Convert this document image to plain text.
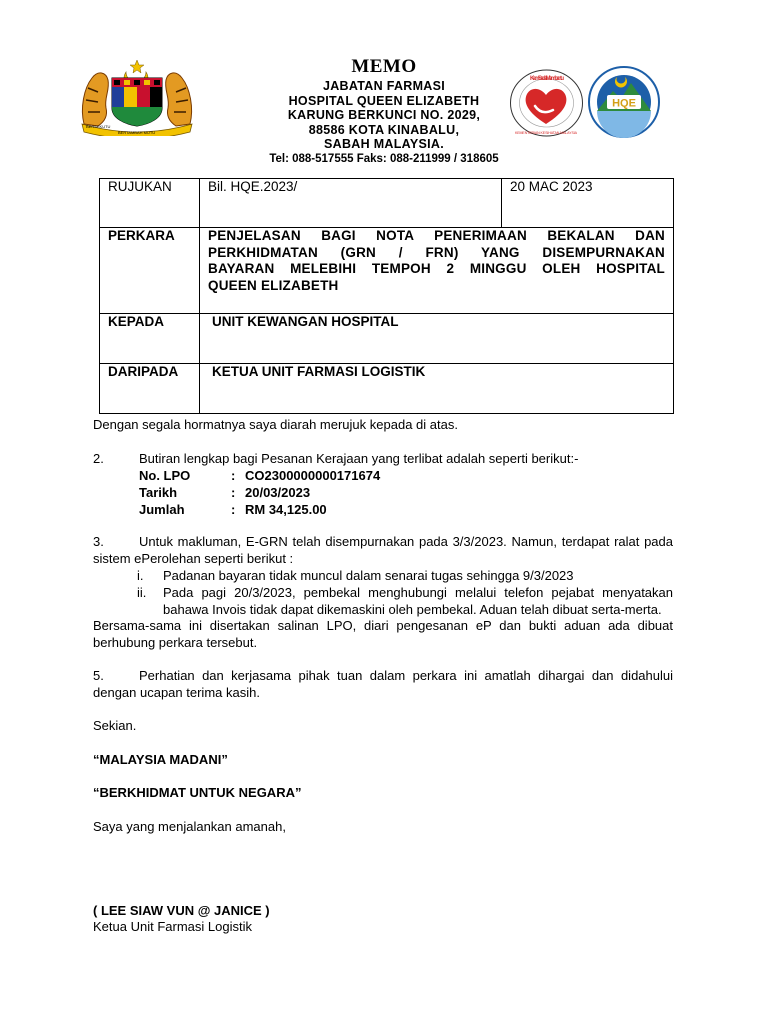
BERSEKUTU
BERTAMBAH MUTU
MEMO
JABATAN FARMASI
HOSPITAL QUEEN ELIZABETH
KARUNG BERKUNCI NO. 2029,
88586 KOTA KINABALU,
SABAH MALAYSIA.
Tel: 088-517555 Faks: 088-211999 / 318605
Kami Sedia Membantu
KEMENTERIAN KESIHATAN MALAYSIA
HQE
RUJUKAN	Bil. HQE.2023/	20 MAC 2023
PERKARA	PENJELASAN BAGI NOTA PENERIMAAN BEKALAN DAN
PERKHIDMATAN (GRN / FRN) YANG DISEMPURNAKAN
BAYARAN MELEBIHI TEMPOH 2 MINGGU OLEH HOSPITAL
QUEEN ELIZABETH	

KEPADA	UNIT KEWANGAN HOSPITAL	
DARIPADA	KETUA UNIT FARMASI LOGISTIK	
Dengan segala hormatnya saya diarah merujuk kepada di atas.
2.	Butiran lengkap bagi Pesanan Kerajaan yang terlibat adalah seperti berikut:-
No. LPO	: CO2300000000171674
Tarikh	: 20/03/2023
Jumlah	: RM 34,125.00
3.	Untuk makluman, E-GRN telah disempurnakan pada 3/3/2023. Namun, terdapat ralat pada sistem ePerolehan seperti berikut :
i. Padanan bayaran tidak muncul dalam senarai tugas sehingga 9/3/2023
ii. Pada pagi 20/3/2023, pembekal menghubungi melalui telefon pejabat menyatakan bahawa Invois tidak dapat dikemaskini oleh pembekal. Aduan telah dibuat serta-merta.
Bersama-sama ini disertakan salinan LPO, diari pengesanan eP dan bukti aduan ada dibuat berhubung perkara tersebut.
5.	Perhatian dan kerjasama pihak tuan dalam perkara ini amatlah dihargai dan didahului dengan ucapan terima kasih.
Sekian.
“MALAYSIA MADANI”
“BERKHIDMAT UNTUK NEGARA”
Saya yang menjalankan amanah,
( LEE SIAW VUN @ JANICE )
Ketua Unit Farmasi Logistik
